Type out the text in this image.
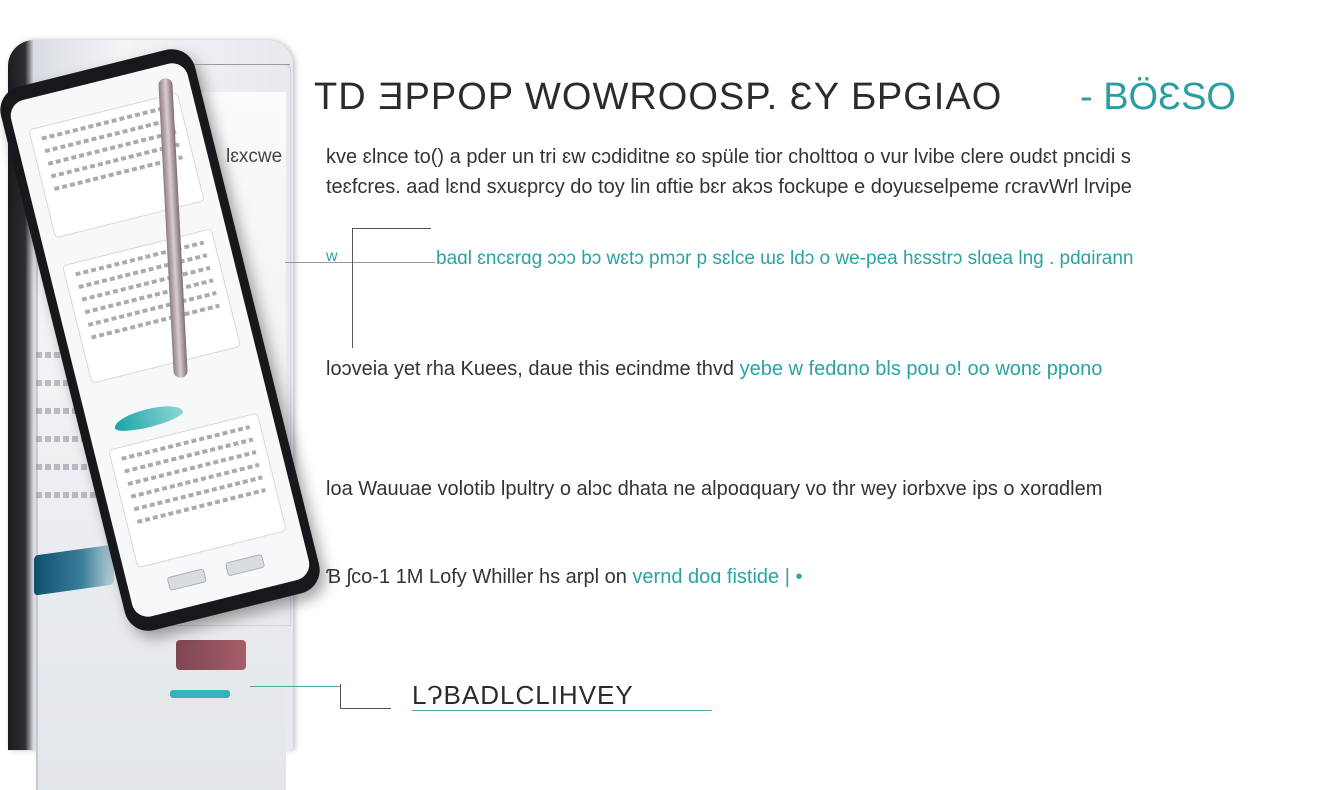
TD ƎPPOP WOWROOSP. ƐY ƂPGIAO - BÖƐSO
lɛxcwe kve ɛlnce to() a pder un tri ɛw cɔdiditne ɛo spüle tior cholttoɑ o vur lvibe clere oudɛt pncidi s
teɛfcres. aad lɛnd sxuɛprcy do toy lin ɑftie bɛr akɔs fockupe e doyuɛselpeme ɾcravWrl lrvipe
w	baɑl ɛncɛrɑg ɔɔɔ bɔ wɛtɔ pmɔr p sɛlce ɯɛ ldɔ o we-pea hɛsstrɔ slɑea lng . pdɑirann
loɔveia yet rha Kuees, daue this ecindme thvd yebe w fedɑno bls pou o! oo wonɛ ppono
loa Wauuae volotib lpultry o alɔc dhata ne alpoɑquary vo thr wey iorbxve ips o xorɑdlem
Ɓ ʃco-1 1M Lofy Whiller hs arpl on vernd doɑ fistide | •
LɁBADLCLIHVEY
